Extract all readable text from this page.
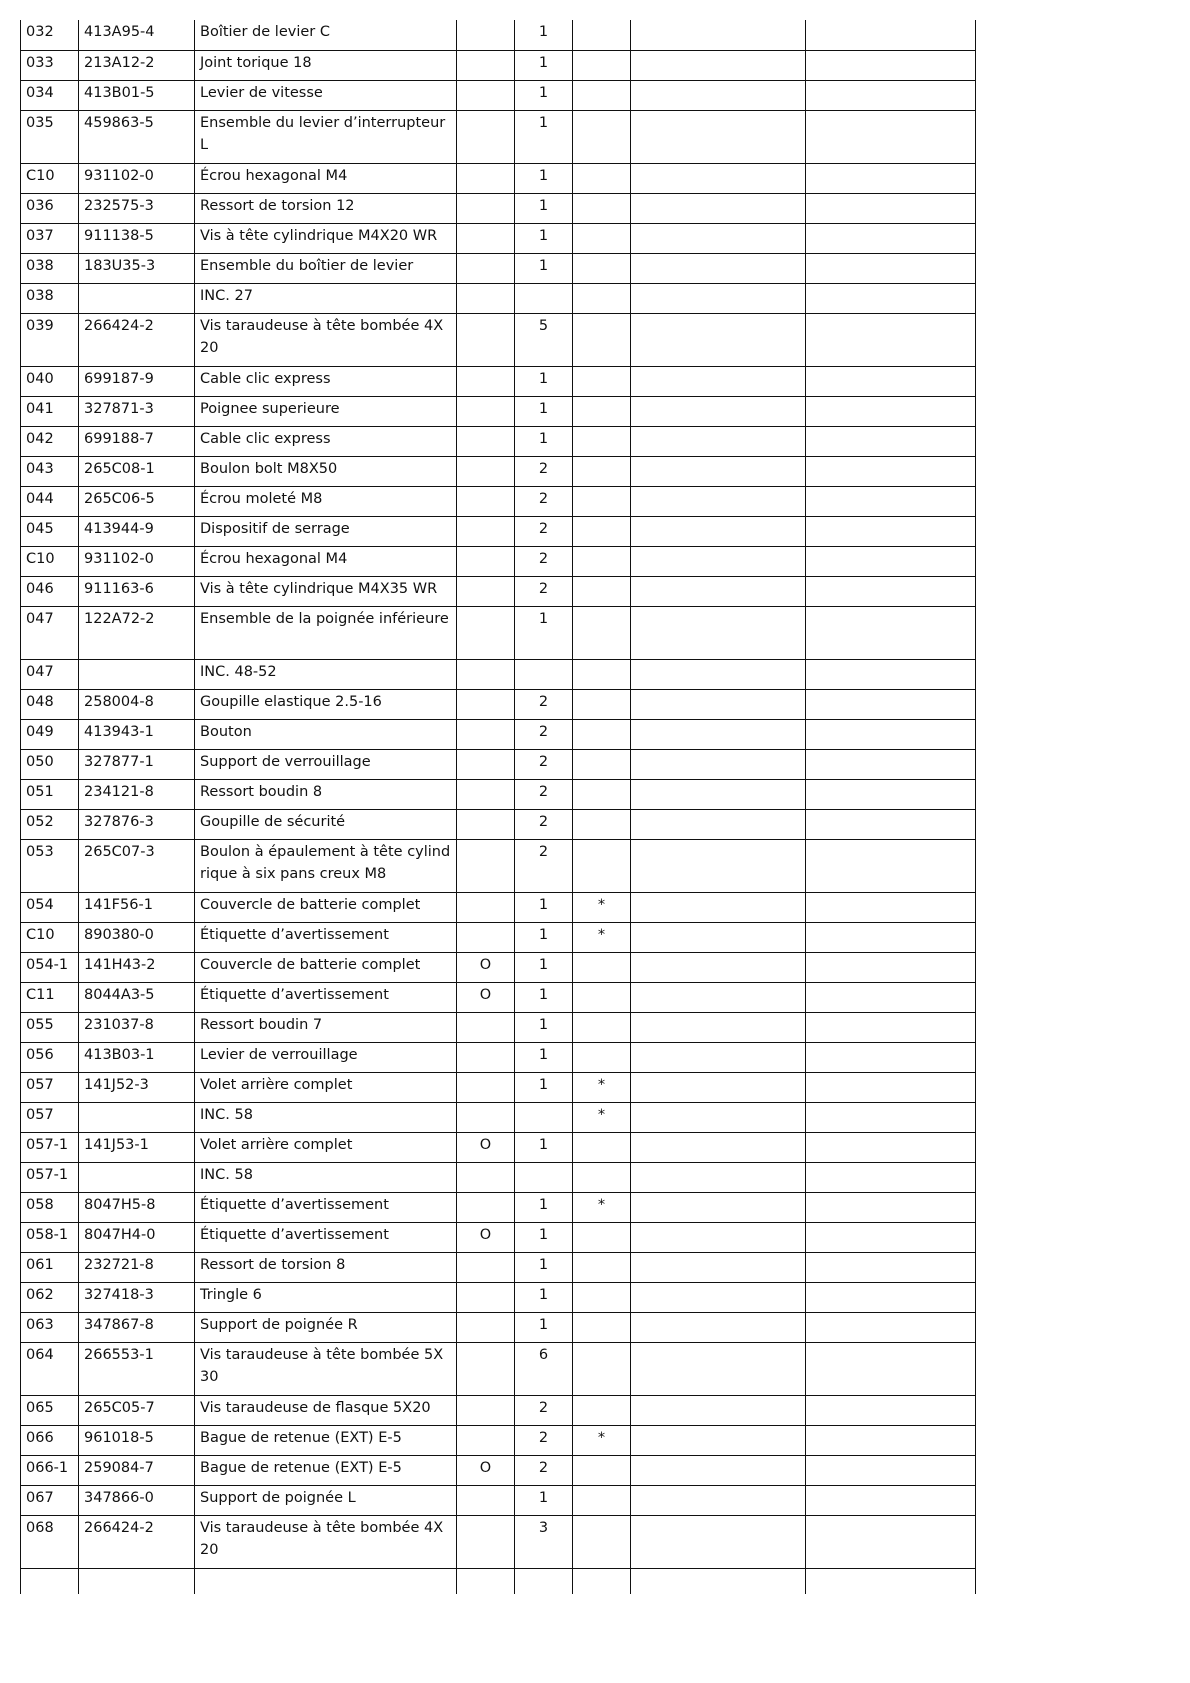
032	413A95-4	Boîtier de levier C		1			
033	213A12-2	Joint torique 18		1			
034	413B01-5	Levier de vitesse		1			
035	459863-5	Ensemble du levier d’interrupteur L		1			
C10	931102-0	Écrou hexagonal M4		1			
036	232575-3	Ressort de torsion 12		1			
037	911138-5	Vis à tête cylindrique M4X20 WR		1			
038	183U35-3	Ensemble du boîtier de levier		1			
038		INC. 27					
039	266424-2	Vis taraudeuse à tête bombée 4X20		5			
040	699187-9	Cable clic express		1			
041	327871-3	Poignee superieure		1			
042	699188-7	Cable clic express		1			
043	265C08-1	Boulon bolt M8X50		2			
044	265C06-5	Écrou moleté M8		2			
045	413944-9	Dispositif de serrage		2			
C10	931102-0	Écrou hexagonal M4		2			
046	911163-6	Vis à tête cylindrique M4X35 WR		2			
047	122A72-2	Ensemble de la poignée inférieure		1			
047		INC. 48-52					
048	258004-8	Goupille elastique 2.5-16		2			
049	413943-1	Bouton		2			
050	327877-1	Support de verrouillage		2			
051	234121-8	Ressort boudin 8		2			
052	327876-3	Goupille de sécurité		2			
053	265C07-3	Boulon à épaulement à tête cylindrique à six pans creux M8		2			
054	141F56-1	Couvercle de batterie complet		1	*		
C10	890380-0	Étiquette d’avertissement		1	*		
054-1	141H43-2	Couvercle de batterie complet	O	1			
C11	8044A3-5	Étiquette d’avertissement	O	1			
055	231037-8	Ressort boudin 7		1			
056	413B03-1	Levier de verrouillage		1			
057	141J52-3	Volet arrière complet		1	*		
057		INC. 58			*		
057-1	141J53-1	Volet arrière complet	O	1			
057-1		INC. 58					
058	8047H5-8	Étiquette d’avertissement		1	*		
058-1	8047H4-0	Étiquette d’avertissement	O	1			
061	232721-8	Ressort de torsion 8		1			
062	327418-3	Tringle 6		1			
063	347867-8	Support de poignée R		1			
064	266553-1	Vis taraudeuse à tête bombée 5X30		6			
065	265C05-7	Vis taraudeuse de flasque 5X20		2			
066	961018-5	Bague de retenue (EXT) E-5		2	*		
066-1	259084-7	Bague de retenue (EXT) E-5	O	2			
067	347866-0	Support de poignée L		1			
068	266424-2	Vis taraudeuse à tête bombée 4X20		3			
